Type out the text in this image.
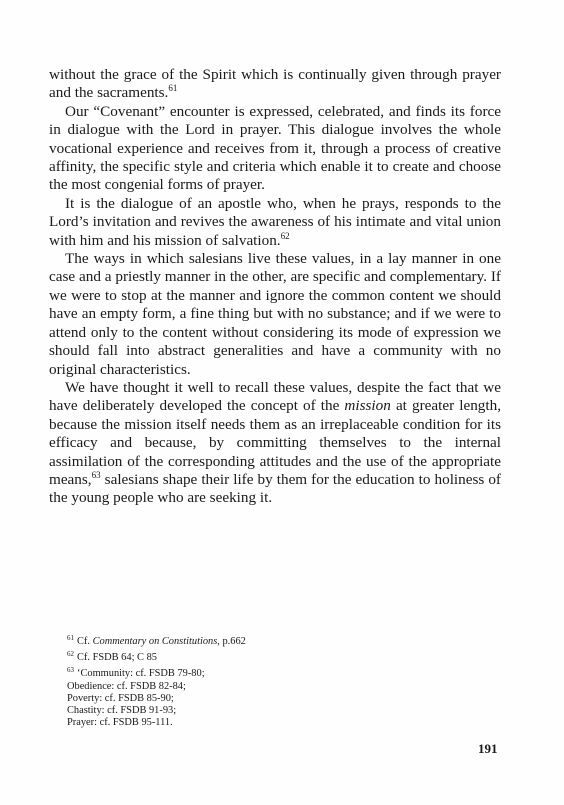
without the grace of the Spirit which is continually given through prayer and the sacraments.$^{61}$

Our “Covenant” encounter is expressed, celebrated, and finds its force in dialogue with the Lord in prayer. This dialogue involves the whole vocational experience and receives from it, through a process of creative affinity, the specific style and criteria which enable it to create and choose the most congenial forms of prayer.

It is the dialogue of an apostle who, when he prays, responds to the Lord’s invitation and revives the awareness of his intimate and vital union with him and his mission of salvation.$^{62}$

The ways in which salesians live these values, in a lay manner in one case and a priestly manner in the other, are specific and complementary. If we were to stop at the manner and ignore the common content we should have an empty form, a fine thing but with no substance; and if we were to attend only to the content without considering its mode of expression we should fall into abstract generalities and have a community with no original characteristics.

We have thought it well to recall these values, despite the fact that we have deliberately developed the concept of the mission at greater length, because the mission itself needs them as an irreplaceable condition for its efficacy and because, by committing themselves to the internal assimilation of the corresponding attitudes and the use of the appropriate means,$^{63}$ salesians shape their life by them for the education to holiness of the young people who are seeking it.

$^{61}$ Cf. Commentary on Constitutions, p.662
$^{62}$ Cf. FSDB 64; C 85
$^{63}$ ‘Community: cf. FSDB 79-80;
Obedience: cf. FSDB 82-84;
Poverty: cf. FSDB 85-90;
Chastity: cf. FSDB 91-93;
Prayer: cf. FSDB 95-111.
191
